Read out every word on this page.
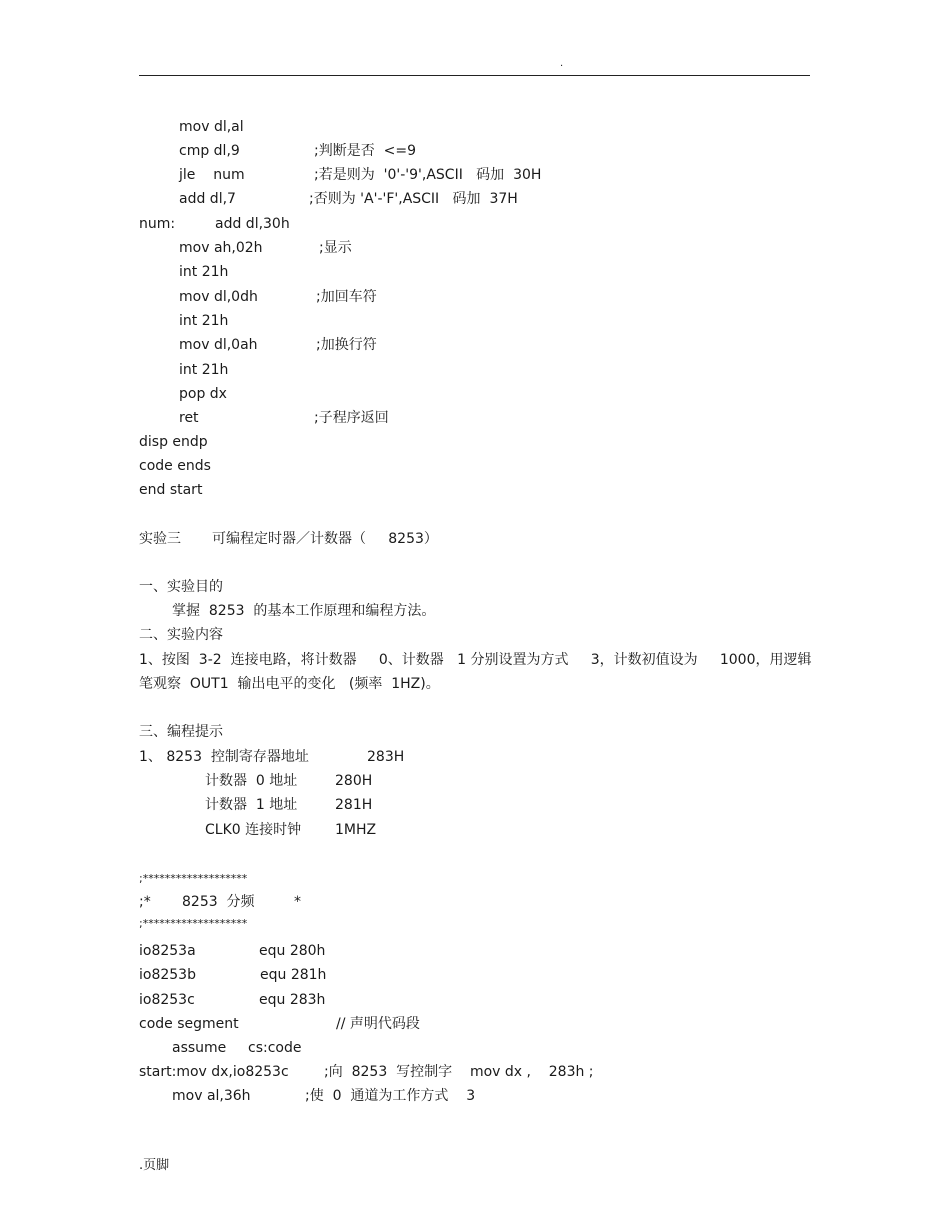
.
mov dl,al
cmp dl,9	;判断是否  <=9
jle    num	;若是则为  '0'-'9',ASCII   码加  30H
add dl,7	;否则为 'A'-'F',ASCII   码加  37H
num:	add dl,30h
mov ah,02h	;显示
int 21h
mov dl,0dh	;加回车符
int 21h
mov dl,0ah	;加换行符
int 21h
pop dx
ret	;子程序返回
disp endp
code ends
end start
实验三 可编程定时器／计数器（     8253）
一、实验目的
掌握  8253  的基本工作原理和编程方法。
二、实验内容
1、按图  3-2  连接电路，将计数器     0、计数器   1 分别设置为方式     3，计数初值设为     1000，用逻辑
笔观察  OUT1  输出电平的变化   (频率  1HZ)。
三、编程提示
1、 8253  控制寄存器地址	283H
计数器  0 地址	280H
计数器  1 地址	281H
CLK0 连接时钟 1MHZ
;*******************
;* 8253  分频	*
;*******************
io8253a	equ 280h
io8253b	equ 281h
io8253c	equ 283h
code segment	// 声明代码段
assume cs:code
start:mov dx,io8253c	;向  8253  写控制字    mov dx ,    283h ;
mov al,36h	;使  0  通道为工作方式    3
.页脚
